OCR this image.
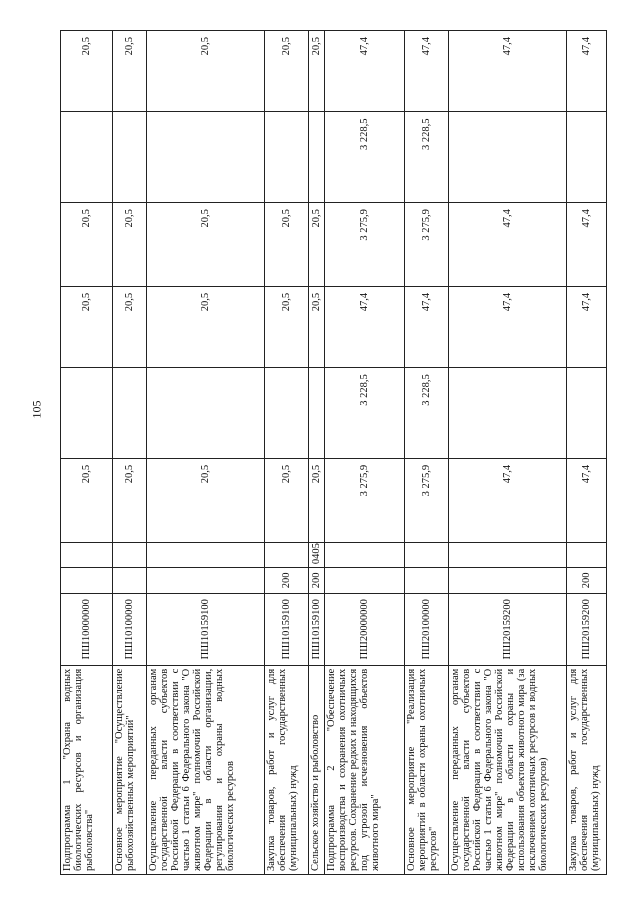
105
Подпрограмма 1 "Охрана водных биологических ресурсов и организация рыболовства"	ПШ10000000			20,5		20,5	20,5		20,5
Основное мероприятие "Осуществление рыбохозяйственных мероприятий"	ПШ10100000			20,5		20,5	20,5		20,5
Осуществление переданных органам государственной власти субъектов Российской Федерации в соответствии с частью 1 статьи 6 Федерального закона "О животном мире" полномочий Российской Федерации в области организации, регулирования и охраны водных биологических ресурсов	ПШ10159100			20,5		20,5	20,5		20,5
Закупка товаров, работ и услуг для обеспечения государственных (муниципальных) нужд	ПШ10159100	200		20,5		20,5	20,5		20,5
Сельское хозяйство и рыболовство	ПШ10159100	200	0405	20,5		20,5	20,5		20,5
Подпрограмма 2 "Обеспечение воспроизводства и сохранения охотничьих ресурсов. Сохранение редких и находящихся под угрозой исчезновения объектов животного мира"	ПШ20000000			3 275,9	3 228,5	47,4	3 275,9	3 228,5	47,4
Основное мероприятие "Реализация мероприятий в области охраны охотничьих ресурсов"	ПШ20100000			3 275,9	3 228,5	47,4	3 275,9	3 228,5	47,4
Осуществление переданных органам государственной власти субъектов Российской Федерации в соответствии с частью 1 статьи 6 Федерального закона "О животном мире" полномочий Российской Федерации в области охраны и использования объектов животного мира (за исключением охотничьих ресурсов и водных биологических ресурсов)	ПШ20159200			47,4		47,4	47,4		47,4
Закупка товаров, работ и услуг для обеспечения государственных (муниципальных) нужд	ПШ20159200	200		47,4		47,4	47,4		47,4
